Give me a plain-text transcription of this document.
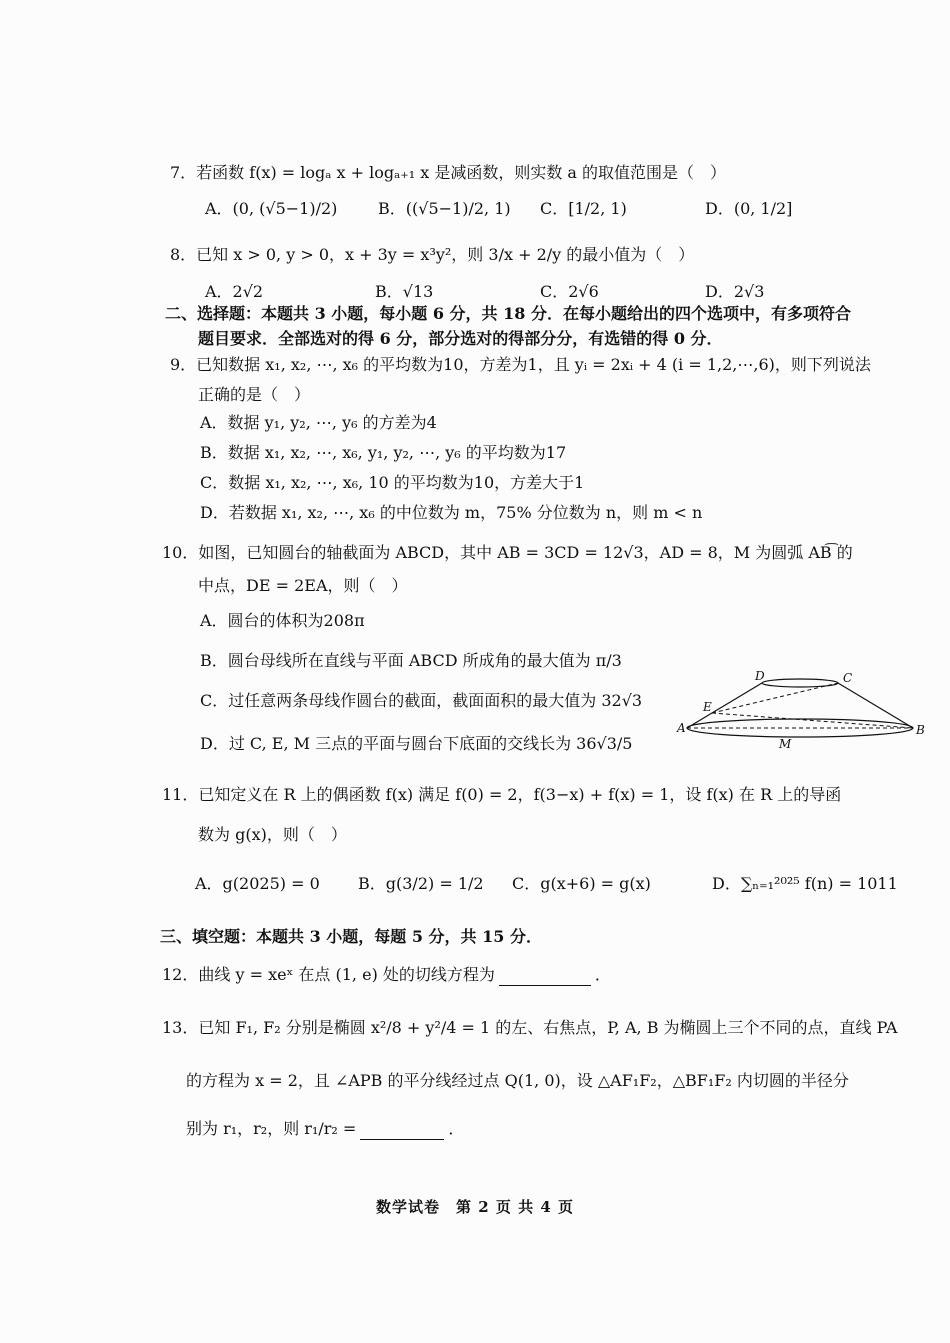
7．若函数 f(x) = logₐ x + logₐ₊₁ x 是减函数，则实数 a 的取值范围是（　）
A．(0, (√5−1)/2)	B．((√5−1)/2, 1) C．[1/2, 1)	D．(0, 1/2]
8．已知 x > 0, y > 0，x + 3y = x³y²，则 3/x + 2/y 的最小值为（　）
A．2√2	B．√13	C．2√6	D．2√3
二、选择题：本题共 3 小题，每小题 6 分，共 18 分．在每小题给出的四个选项中，有多项符合
题目要求．全部选对的得 6 分，部分选对的得部分分，有选错的得 0 分．
9．已知数据 x₁, x₂, ⋯, x₆ 的平均数为10，方差为1，且 yᵢ = 2xᵢ + 4 (i = 1,2,⋯,6)，则下列说法
正确的是（　）
A．数据 y₁, y₂, ⋯, y₆ 的方差为4
B．数据 x₁, x₂, ⋯, x₆, y₁, y₂, ⋯, y₆ 的平均数为17
C．数据 x₁, x₂, ⋯, x₆, 10 的平均数为10，方差大于1
D．若数据 x₁, x₂, ⋯, x₆ 的中位数为 m，75% 分位数为 n，则 m < n
10．如图，已知圆台的轴截面为 ABCD，其中 AB = 3CD = 12√3，AD = 8，M 为圆弧 AB͡ 的
中点，DE = 2EA，则（　）
A．圆台的体积为208π
B．圆台母线所在直线与平面 ABCD 所成角的最大值为 π/3
C．过任意两条母线作圆台的截面，截面面积的最大值为 32√3
D．过 C, E, M 三点的平面与圆台下底面的交线长为 36√3/5
D	C
E
A	B
M
11．已知定义在 R 上的偶函数 f(x) 满足 f(0) = 2，f(3−x) + f(x) = 1，设 f(x) 在 R 上的导函
数为 g(x)，则（　）
A．g(2025) = 0 B．g(3/2) = 1/2 C．g(x+6) = g(x)	D．∑ₙ₌₁²⁰²⁵ f(n) = 1011
三、填空题：本题共 3 小题，每题 5 分，共 15 分．
12．曲线 y = xeˣ 在点 (1, e) 处的切线方程为	．
13．已知 F₁, F₂ 分别是椭圆 x²/8 + y²/4 = 1 的左、右焦点，P, A, B 为椭圆上三个不同的点，直线 PA
的方程为 x = 2，且 ∠APB 的平分线经过点 Q(1, 0)，设 △AF₁F₂，△BF₁F₂ 内切圆的半径分
别为 r₁，r₂，则 r₁/r₂ =	．
数学试卷　第 2 页 共 4 页
